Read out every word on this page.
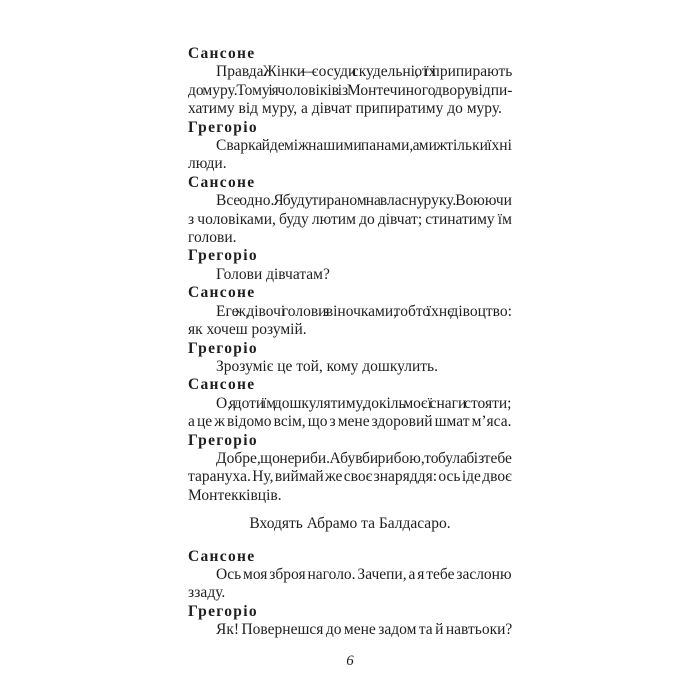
Сансоне
Правда. Жінки — сосуди скудельні, от їх і припирають
до муру. Тому і я чоловіків із Монтечиного двору відпи-
хатиму від муру, а дівчат припиратиму до муру.
Грегоріо
Сварка йде між нашими панами, а ми ж тільки їхні
люди.
Сансоне
Все одно. Я буду тираном на власну руку. Воюючи
з чоловіками, буду лютим до дівчат; стинатиму їм
голови.
Грегоріо
Голови дівчатам?
Сансоне
Еге ж, дівочі голови з віночками, тобто їхнє дівоцтво:
як хочеш розумій.
Грегоріо
Зрозуміє це той, кому дошкулить.
Сансоне
О, я доти їм дошкулятиму, докіль моєї снаги стояти;
а це ж відомо всім, що з мене здоровий шмат м’яса.
Грегоріо
Добре, що не риби. А був би рибою, то була б із тебе
тарануха. Ну, виймай же своє знаряддя: ось іде двоє
Монтекківців.
Входять Абрамо та Балдасаро.
Сансоне
Ось моя зброя наголо. Зачепи, а я тебе заслоню
ззаду.
Грегоріо
Як! Повернешся до мене задом та й навтьоки?
6
